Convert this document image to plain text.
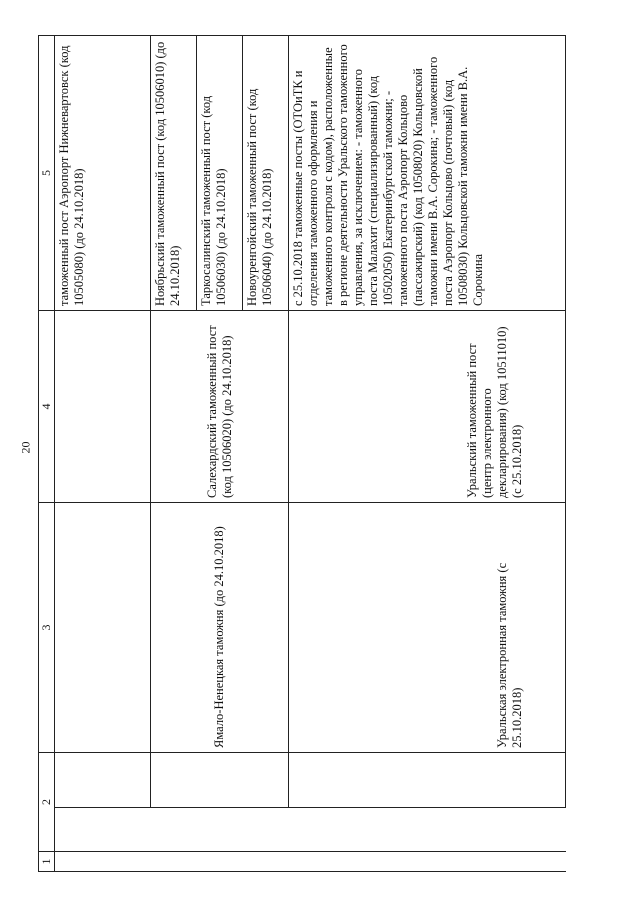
20
1	2		3	4	5
					таможенный пост Аэропорт Нижневартовск (код 10505080) (до 24.10.2018)
			Ямало-Ненецкая таможня (до 24.10.2018)	Салехардский таможенный пост (код 10506020) (до 24.10.2018)	Ноябрьский таможенный пост (код 10506010) (до 24.10.2018)
					Таркосалинский таможенный пост (код 10506030) (до 24.10.2018)
					Новоуренгойский таможенный пост (код 10506040) (до 24.10.2018)
			Уральская электронная таможня (с 25.10.2018)	Уральский таможенный пост (центр электронного декларирования) (код 10511010) (с 25.10.2018)	с 25.10.2018 таможенные посты (ОТОиТК и отделения таможенного оформления и таможенного контроля с кодом), расположенные в регионе деятельности Уральского таможенного управления, за исключением: - таможенного поста Малахит (специализированный) (код 10502050) Екатеринбургской таможни; - таможенного поста Аэропорт Кольцово (пассажирский) (код 10508020) Кольцовской таможни имени В.А. Сорокина; - таможенного поста Аэропорт Кольцово (почтовый) (код 10508030) Кольцовской таможни имени В.А. Сорокина
